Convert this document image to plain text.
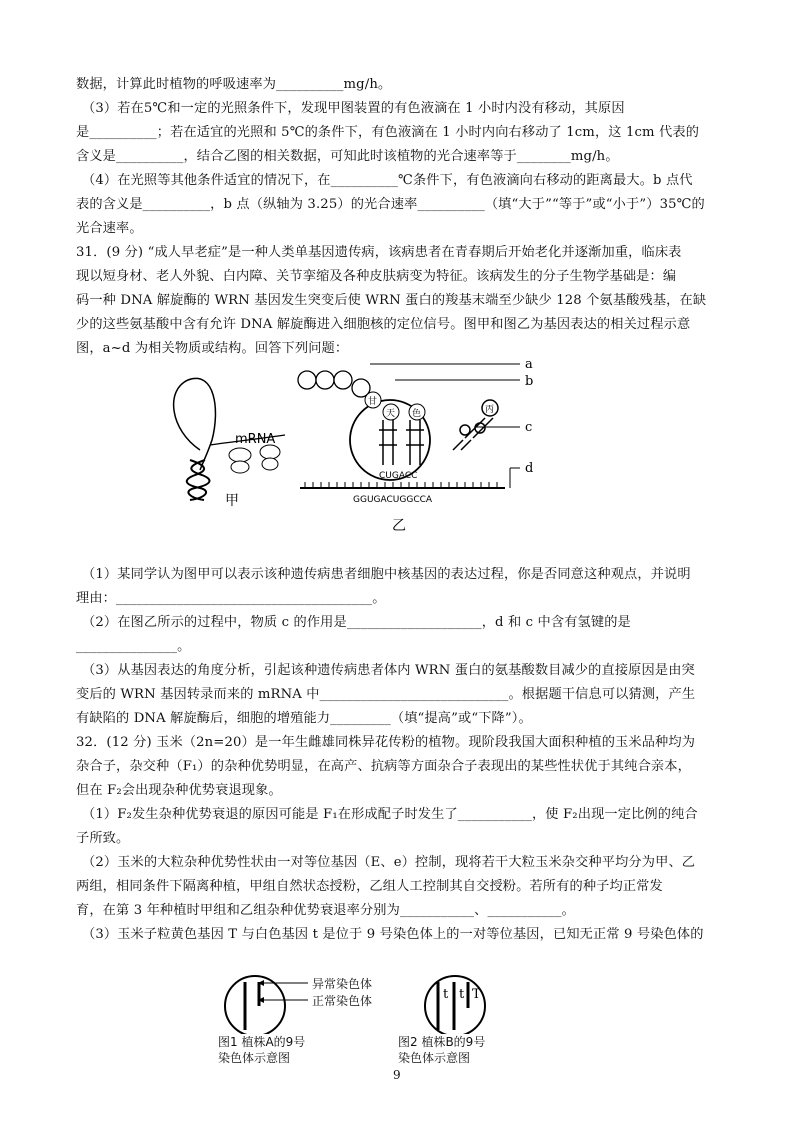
数据，计算此时植物的呼吸速率为__________mg/h。
（3）若在5℃和一定的光照条件下，发现甲图装置的有色液滴在 1 小时内没有移动，其原因
是__________；若在适宜的光照和 5℃的条件下，有色液滴在 1 小时内向右移动了 1cm，这 1cm 代表的
含义是__________，结合乙图的相关数据，可知此时该植物的光合速率等于________mg/h。
（4）在光照等其他条件适宜的情况下，在__________℃条件下，有色液滴向右移动的距离最大。b 点代
表的含义是__________，b 点（纵轴为 3.25）的光合速率__________（填“大于”“等于”或“小于”）35℃的
光合速率。
31．(9 分) “成人早老症”是一种人类单基因遗传病，该病患者在青春期后开始老化并逐渐加重，临床表
现以短身材、老人外貌、白内障、关节挛缩及各种皮肤病变为特征。该病发生的分子生物学基础是：编
码一种 DNA 解旋酶的 WRN 基因发生突变后使 WRN 蛋白的羧基末端至少缺少 128 个氨基酸残基，在缺
少的这些氨基酸中含有允许 DNA 解旋酶进入细胞核的定位信号。图甲和图乙为基因表达的相关过程示意
图，a~d 为相关物质或结构。回答下列问题：
mRNA
甲
甘
天 色	丙
CUGACC
GGUGACUGGCCA
a
b
c
d
乙
（1）某同学认为图甲可以表示该种遗传病患者细胞中核基因的表达过程，你是否同意这种观点，并说明
理由：______________________________________。
（2）在图乙所示的过程中，物质 c 的作用是____________________，d 和 c 中含有氢键的是
_______________。
（3）从基因表达的角度分析，引起该种遗传病患者体内 WRN 蛋白的氨基酸数目减少的直接原因是由突
变后的 WRN 基因转录而来的 mRNA 中____________________________。根据题干信息可以猜测，产生
有缺陷的 DNA 解旋酶后，细胞的增殖能力_________（填“提高”或“下降”）。
32．(12 分) 玉米（2n=20）是一年生雌雄同株异花传粉的植物。现阶段我国大面积种植的玉米品种均为
杂合子，杂交种（F₁）的杂种优势明显，在高产、抗病等方面杂合子表现出的某些性状优于其纯合亲本，
但在 F₂会出现杂种优势衰退现象。
（1）F₂发生杂种优势衰退的原因可能是 F₁在形成配子时发生了___________，使 F₂出现一定比例的纯合
子所致。
（2）玉米的大粒杂种优势性状由一对等位基因（E、e）控制，现将若干大粒玉米杂交种平均分为甲、乙
两组，相同条件下隔离种植，甲组自然状态授粉，乙组人工控制其自交授粉。若所有的种子均正常发
育，在第 3 年种植时甲组和乙组杂种优势衰退率分别为___________、___________。
（3）玉米子粒黄色基因 T 与白色基因 t 是位于 9 号染色体上的一对等位基因，已知无正常 9 号染色体的
t t T
异常染色体
正常染色体
图1 植株A的9号
染色体示意图
图2 植株B的9号
染色体示意图
9
